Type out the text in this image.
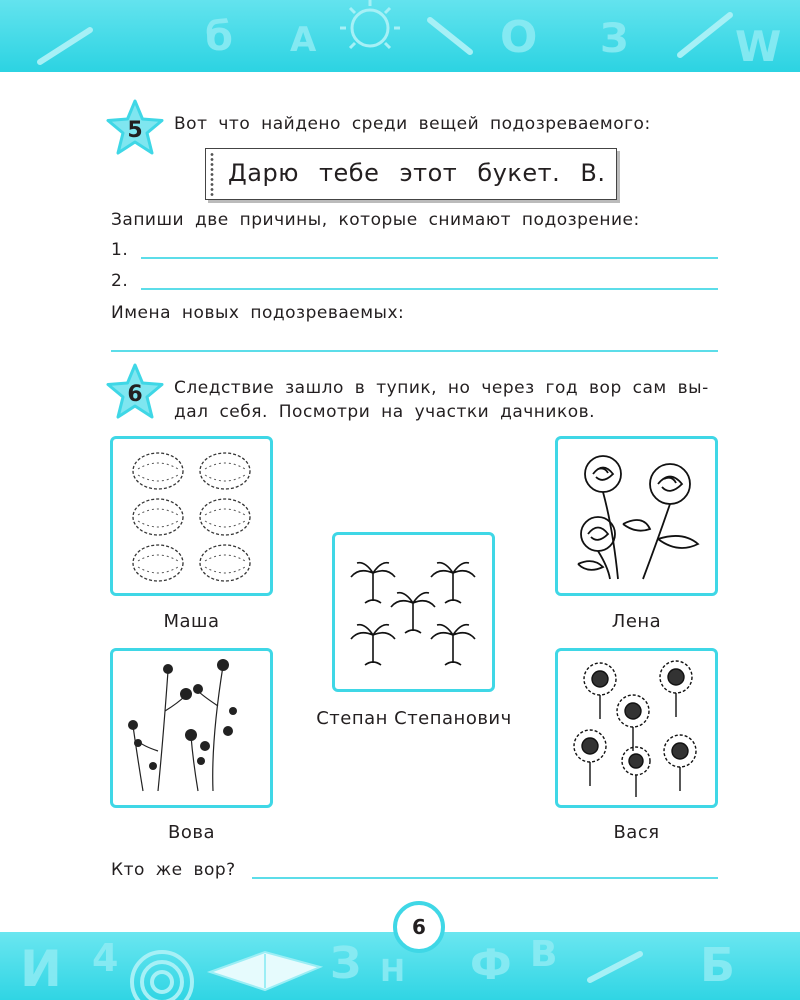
б А	О З	W
5	Вот что найдено среди вещей подозреваемого:
Дарю тебе этот букет. В.
Запиши две причины, которые снимают подозрение:
1.
2.
Имена новых подозреваемых:
6	Следствие зашло в тупик, но через год вор сам вы-
дал себя. Посмотри на участки дачников.
Маша	Лена
Степан Степанович
Вова	Вася
Кто же вор?
И 4	З Н Ф В	Б
6
